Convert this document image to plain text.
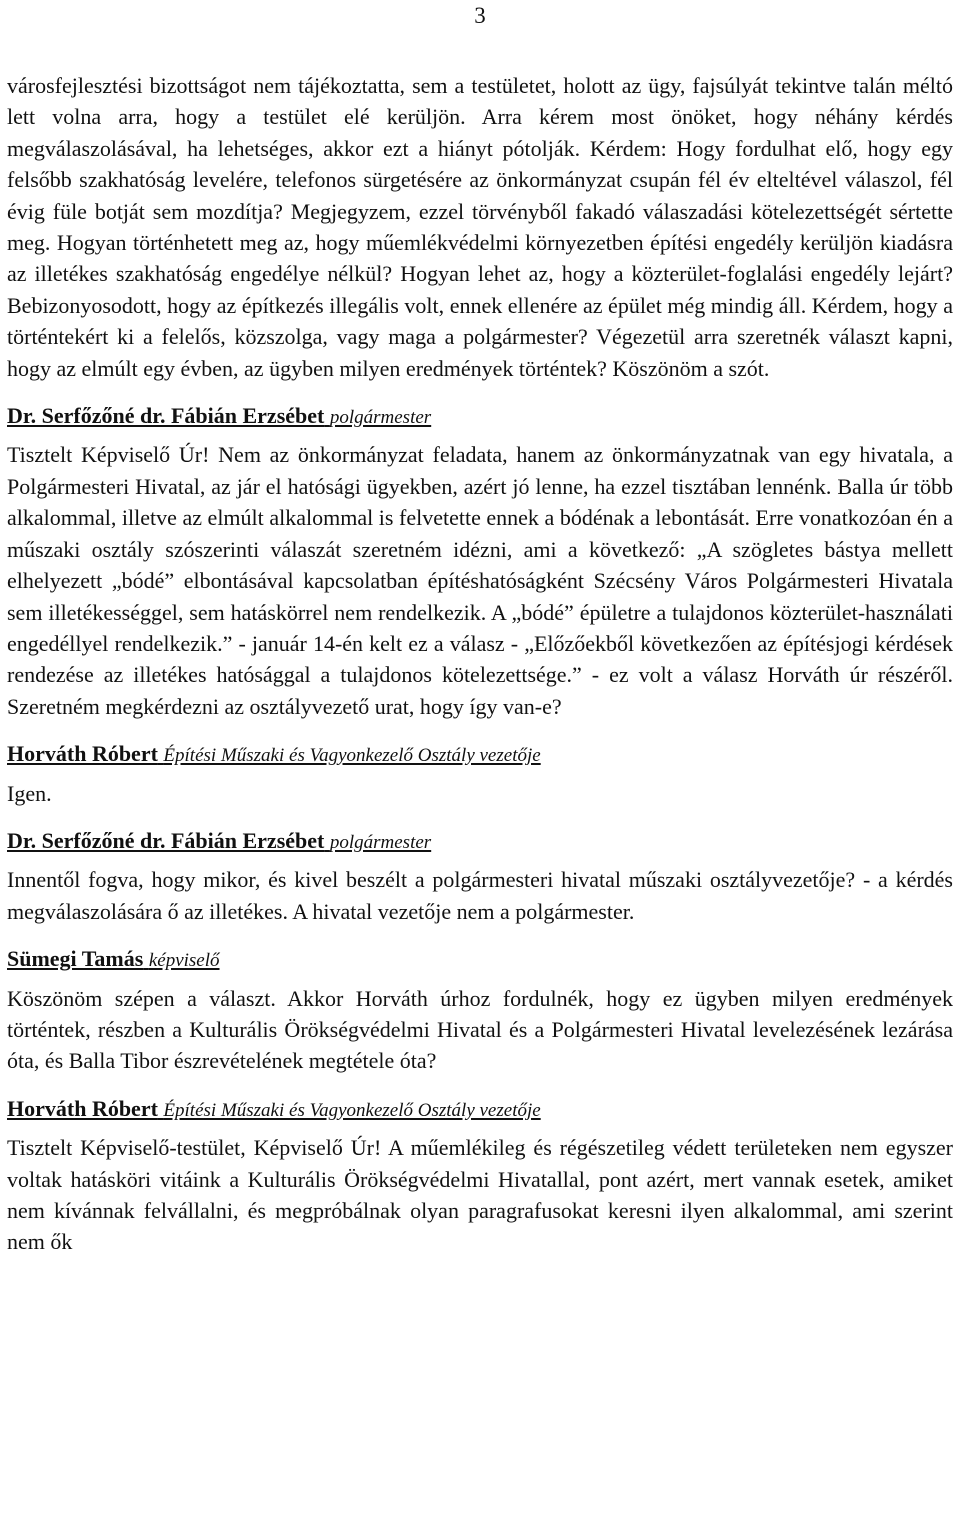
3

városfejlesztési bizottságot nem tájékoztatta, sem a testületet, holott az ügy, fajsúlyát tekintve talán méltó lett volna arra, hogy a testület elé kerüljön. Arra kérem most önöket, hogy néhány kérdés megválaszolásával, ha lehetséges, akkor ezt a hiányt pótolják. Kérdem: Hogy fordulhat elő, hogy egy felsőbb szakhatóság levelére, telefonos sürgetésére az önkormányzat csupán fél év elteltével válaszol, fél évig füle botját sem mozdítja? Megjegyzem, ezzel törvényből fakadó válaszadási kötelezettségét sértette meg. Hogyan történhetett meg az, hogy műemlékvédelmi környezetben építési engedély kerüljön kiadásra az illetékes szakhatóság engedélye nélkül? Hogyan lehet az, hogy a közterület-foglalási engedély lejárt? Bebizonyosodott, hogy az építkezés illegális volt, ennek ellenére az épület még mindig áll. Kérdem, hogy a történtekért ki a felelős, közszolga, vagy maga a polgármester? Végezetül arra szeretnék választ kapni, hogy az elmúlt egy évben, az ügyben milyen eredmények történtek? Köszönöm a szót.

Dr. Serfőzőné dr. Fábián Erzsébet polgármester

Tisztelt Képviselő Úr! Nem az önkormányzat feladata, hanem az önkormányzatnak van egy hivatala, a Polgármesteri Hivatal, az jár el hatósági ügyekben, azért jó lenne, ha ezzel tisztában lennénk. Balla úr több alkalommal, illetve az elmúlt alkalommal is felvetette ennek a bódénak a lebontását. Erre vonatkozóan én a műszaki osztály szószerinti válaszát szeretném idézni, ami a következő: „A szögletes bástya mellett elhelyezett „bódé” elbontásával kapcsolatban építéshatóságként Szécsény Város Polgármesteri Hivatala sem illetékességgel, sem hatáskörrel nem rendelkezik. A „bódé” épületre a tulajdonos közterület-használati engedéllyel rendelkezik.” - január 14-én kelt ez a válasz - „Előzőekből következően az építésjogi kérdések rendezése az illetékes hatósággal a tulajdonos kötelezettsége.” - ez volt a válasz Horváth úr részéről. Szeretném megkérdezni az osztályvezető urat, hogy így van-e?

Horváth Róbert Építési Műszaki és Vagyonkezelő Osztály vezetője

Igen.

Dr. Serfőzőné dr. Fábián Erzsébet polgármester

Innentől fogva, hogy mikor, és kivel beszélt a polgármesteri hivatal műszaki osztályvezetője? - a kérdés megválaszolására ő az illetékes. A hivatal vezetője nem a polgármester.

Sümegi Tamás képviselő

Köszönöm szépen a választ. Akkor Horváth úrhoz fordulnék, hogy ez ügyben milyen eredmények történtek, részben a Kulturális Örökségvédelmi Hivatal és a Polgármesteri Hivatal levelezésének lezárása óta, és Balla Tibor észrevételének megtétele óta?

Horváth Róbert Építési Műszaki és Vagyonkezelő Osztály vezetője

Tisztelt Képviselő-testület, Képviselő Úr! A műemlékileg és régészetileg védett területeken nem egyszer voltak hatásköri vitáink a Kulturális Örökségvédelmi Hivatallal, pont azért, mert vannak esetek, amiket nem kívánnak felvállalni, és megpróbálnak olyan paragrafusokat keresni ilyen alkalommal, ami szerint nem ők
